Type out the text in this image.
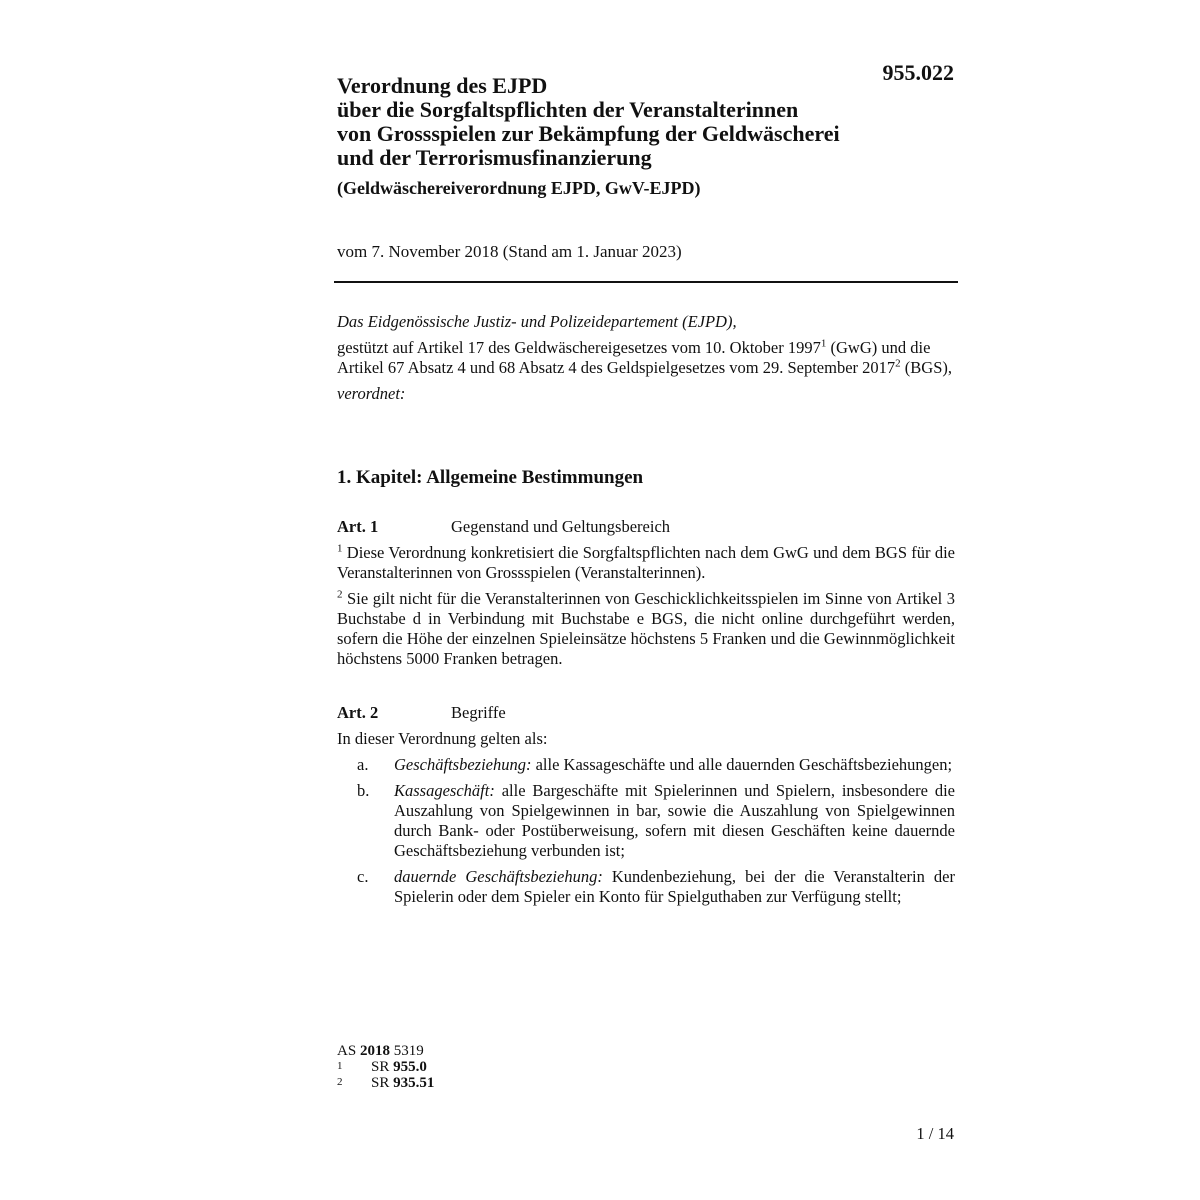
955.022
Verordnung des EJPD
über die Sorgfaltspflichten der Veranstalterinnen
von Grossspielen zur Bekämpfung der Geldwäscherei
und der Terrorismusfinanzierung
(Geldwäschereiverordnung EJPD, GwV-EJPD)
vom 7. November 2018 (Stand am 1. Januar 2023)
Das Eidgenössische Justiz- und Polizeidepartement (EJPD),
gestützt auf Artikel 17 des Geldwäschereigesetzes vom 10. Oktober 1997$^1$ (GwG) und die Artikel 67 Absatz 4 und 68 Absatz 4 des Geldspielgesetzes vom 29. September 2017$^2$ (BGS),
verordnet:
1. Kapitel: Allgemeine Bestimmungen
Art. 1	Gegenstand und Geltungsbereich
$^1$ Diese Verordnung konkretisiert die Sorgfaltspflichten nach dem GwG und dem BGS für die Veranstalterinnen von Grossspielen (Veranstalterinnen).
$^2$ Sie gilt nicht für die Veranstalterinnen von Geschicklichkeitsspielen im Sinne von Artikel 3 Buchstabe d in Verbindung mit Buchstabe e BGS, die nicht online durchgeführt werden, sofern die Höhe der einzelnen Spieleinsätze höchstens 5 Franken und die Gewinnmöglichkeit höchstens 5000 Franken betragen.
Art. 2	Begriffe
In dieser Verordnung gelten als:
a.	Geschäftsbeziehung: alle Kassageschäfte und alle dauernden Geschäftsbeziehungen;
b.	Kassageschäft: alle Bargeschäfte mit Spielerinnen und Spielern, insbesondere die Auszahlung von Spielgewinnen in bar, sowie die Auszahlung von Spielgewinnen durch Bank- oder Postüberweisung, sofern mit diesen Geschäften keine dauernde Geschäftsbeziehung verbunden ist;
c.	dauernde Geschäftsbeziehung: Kundenbeziehung, bei der die Veranstalterin der Spielerin oder dem Spieler ein Konto für Spielguthaben zur Verfügung stellt;
AS 2018 5319
1	SR 955.0
2	SR 935.51
1 / 14
